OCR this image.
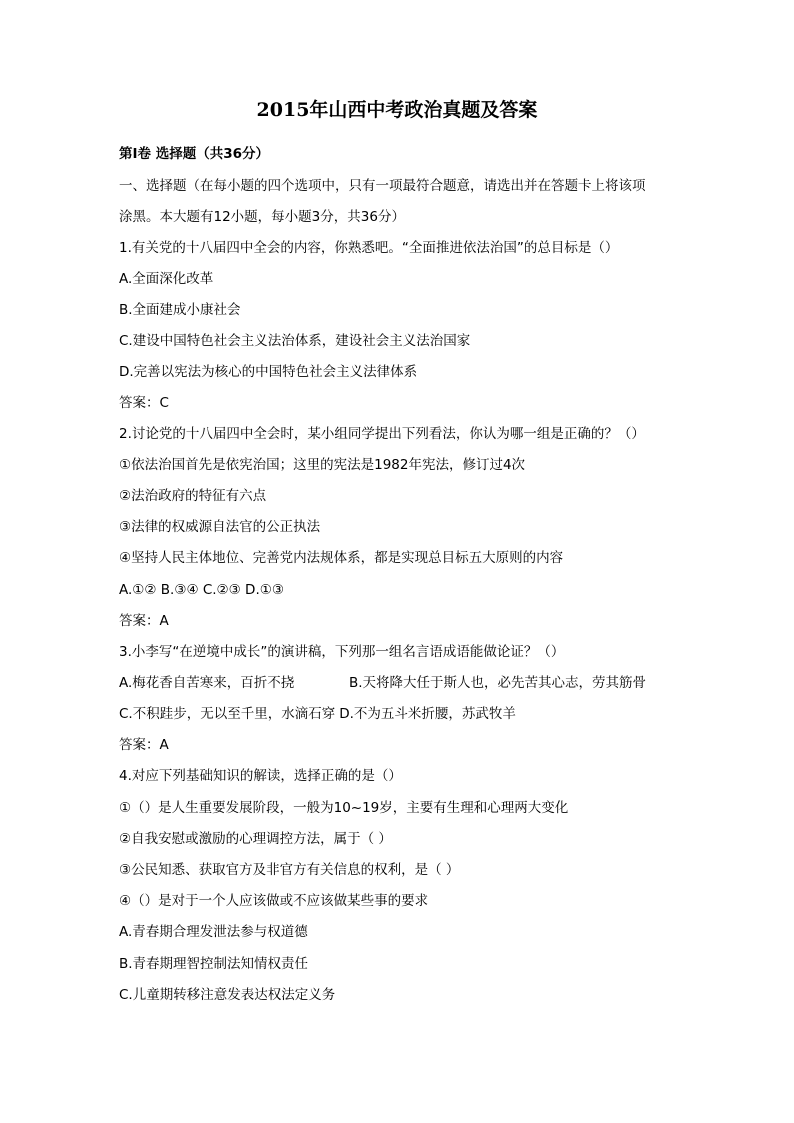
2015年山西中考政治真题及答案
第Ⅰ卷 选择题（共36分）
一、选择题（在每小题的四个选项中，只有一项最符合题意，请选出并在答题卡上将该项
涂黑。本大题有12小题，每小题3分，共36分）
1.有关党的十八届四中全会的内容，你熟悉吧。“全面推进依法治国”的总目标是（）
A.全面深化改革
B.全面建成小康社会
C.建设中国特色社会主义法治体系，建设社会主义法治国家
D.完善以宪法为核心的中国特色社会主义法律体系
答案：C
2.讨论党的十八届四中全会时，某小组同学提出下列看法，你认为哪一组是正确的？（）
①依法治国首先是依宪治国；这里的宪法是1982年宪法，修订过4次
②法治政府的特征有六点
③法律的权威源自法官的公正执法
④坚持人民主体地位、完善党内法规体系，都是实现总目标五大原则的内容
A.①② B.③④ C.②③ D.①③
答案：A
3.小李写“在逆境中成长”的演讲稿，下列那一组名言语成语能做论证？（）
A.梅花香自苦寒来，百折不挠	B.天将降大任于斯人也，必先苦其心志，劳其筋骨
C.不积跬步，无以至千里，水滴石穿 D.不为五斗米折腰，苏武牧羊
答案：A
4.对应下列基础知识的解读，选择正确的是（）
①（）是人生重要发展阶段，一般为10~19岁，主要有生理和心理两大变化
②自我安慰或激励的心理调控方法，属于（ ）
③公民知悉、获取官方及非官方有关信息的权利，是（ ）
④（）是对于一个人应该做或不应该做某些事的要求
A.青春期合理发泄法参与权道德
B.青春期理智控制法知情权责任
C.儿童期转移注意发表达权法定义务
